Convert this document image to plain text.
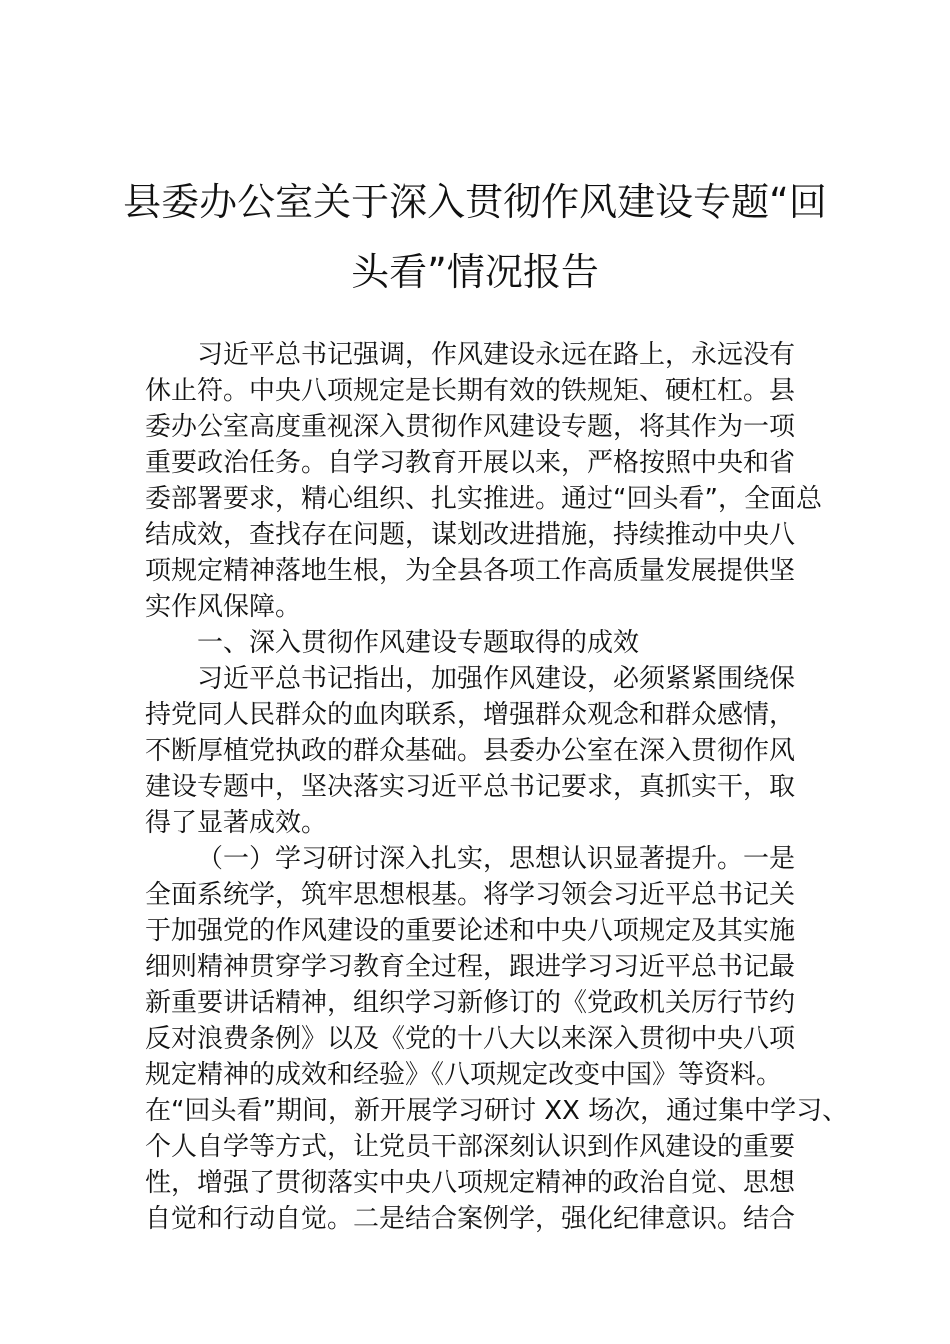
县委办公室关于深入贯彻作风建设专题“回
头看”情况报告
习近平总书记强调，作风建设永远在路上，永远没有
休止符。中央八项规定是长期有效的铁规矩、硬杠杠。县
委办公室高度重视深入贯彻作风建设专题，将其作为一项
重要政治任务。自学习教育开展以来，严格按照中央和省
委部署要求，精心组织、扎实推进。通过“回头看”，全面总
结成效，查找存在问题，谋划改进措施，持续推动中央八
项规定精神落地生根，为全县各项工作高质量发展提供坚
实作风保障。
一、深入贯彻作风建设专题取得的成效
习近平总书记指出，加强作风建设，必须紧紧围绕保
持党同人民群众的血肉联系，增强群众观念和群众感情，
不断厚植党执政的群众基础。县委办公室在深入贯彻作风
建设专题中，坚决落实习近平总书记要求，真抓实干，取
得了显著成效。
（一）学习研讨深入扎实，思想认识显著提升。一是
全面系统学，筑牢思想根基。将学习领会习近平总书记关
于加强党的作风建设的重要论述和中央八项规定及其实施
细则精神贯穿学习教育全过程，跟进学习习近平总书记最
新重要讲话精神，组织学习新修订的《党政机关厉行节约
反对浪费条例》以及《党的十八大以来深入贯彻中央八项
规定精神的成效和经验》《八项规定改变中国》等资料。
在“回头看”期间，新开展学习研讨 XX 场次，通过集中学习、
个人自学等方式，让党员干部深刻认识到作风建设的重要
性，增强了贯彻落实中央八项规定精神的政治自觉、思想
自觉和行动自觉。二是结合案例学，强化纪律意识。结合
